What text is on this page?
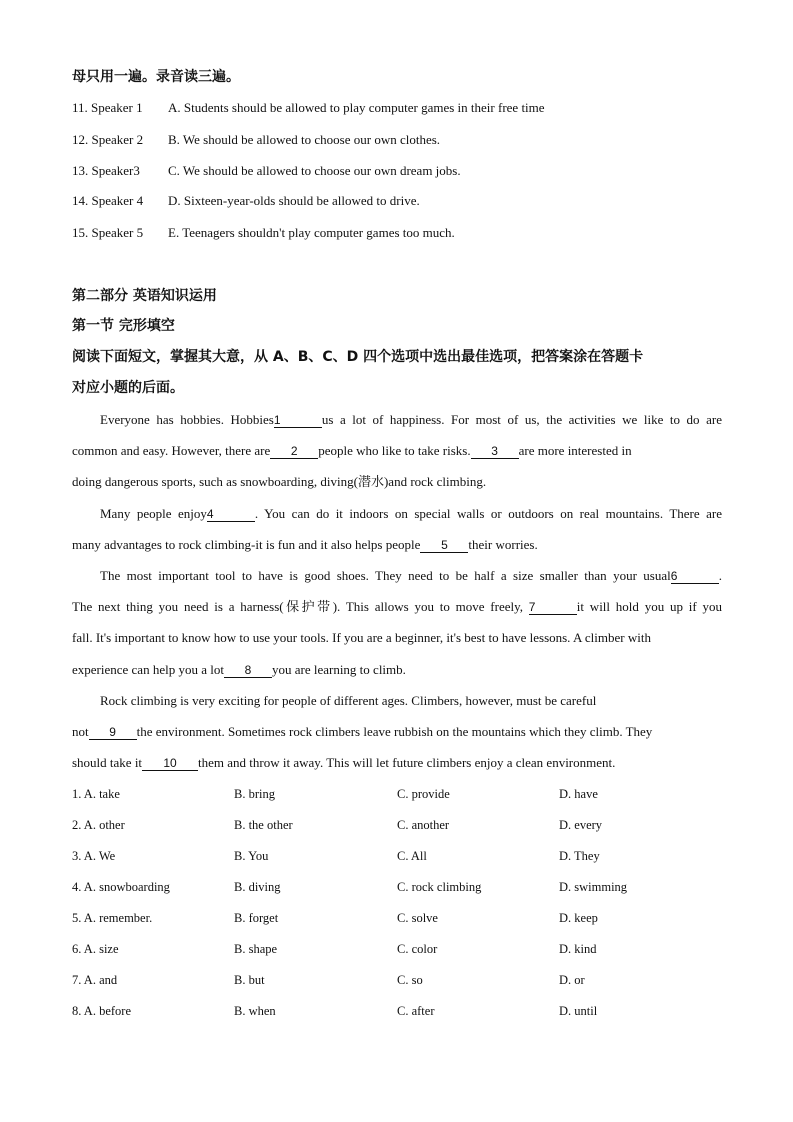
母只用一遍。录音读三遍。
11. Speaker 1 A. Students should be allowed to play computer games in their free time
12. Speaker 2 B. We should be allowed to choose our own clothes.
13. Speaker3 C. We should be allowed to choose our own dream jobs.
14. Speaker 4 D. Sixteen-year-olds should be allowed to drive.
15. Speaker 5 E. Teenagers shouldn't play computer games too much.
第二部分 英语知识运用
第一节 完形填空
阅读下面短文，掌握其大意，从 A、B、C、D 四个选项中选出最佳选项，把答案涂在答题卡
对应小题的后面。
Everyone has hobbies. Hobbies1	us a lot of happiness. For most of us, the activities we like to do are
common and easy. However, there are 2 people who like to take risks. 3 are more interested in
doing dangerous sports, such as snowboarding, diving(潜水)and rock climbing.
Many people enjoy4	. You can do it indoors on special walls or outdoors on real mountains. There are
many advantages to rock climbing-it is fun and it also helps people 5 their worries.
The most important tool to have is good shoes. They need to be half a size smaller than your usual6	.
The next thing you need is a harness(保护带). This allows you to move freely, 7	it will hold you up if you
fall. It's important to know how to use your tools. If you are a beginner, it's best to have lessons. A climber with
experience can help you a lot 8 you are learning to climb.
Rock climbing is very exciting for people of different ages. Climbers, however, must be careful
not 9 the environment. Sometimes rock climbers leave rubbish on the mountains which they climb. They
should take it 10 them and throw it away. This will let future climbers enjoy a clean environment.
1. A. take	B. bring	C. provide	D. have
2. A. other	B. the other	C. another	D. every
3. A. We	B. You	C. All	D. They
4. A. snowboarding	B. diving	C. rock climbing	D. swimming
5. A. remember.	B. forget	C. solve	D. keep
6. A. size	B. shape	C. color	D. kind
7. A. and	B. but	C. so	D. or
8. A. before	B. when	C. after	D. until
